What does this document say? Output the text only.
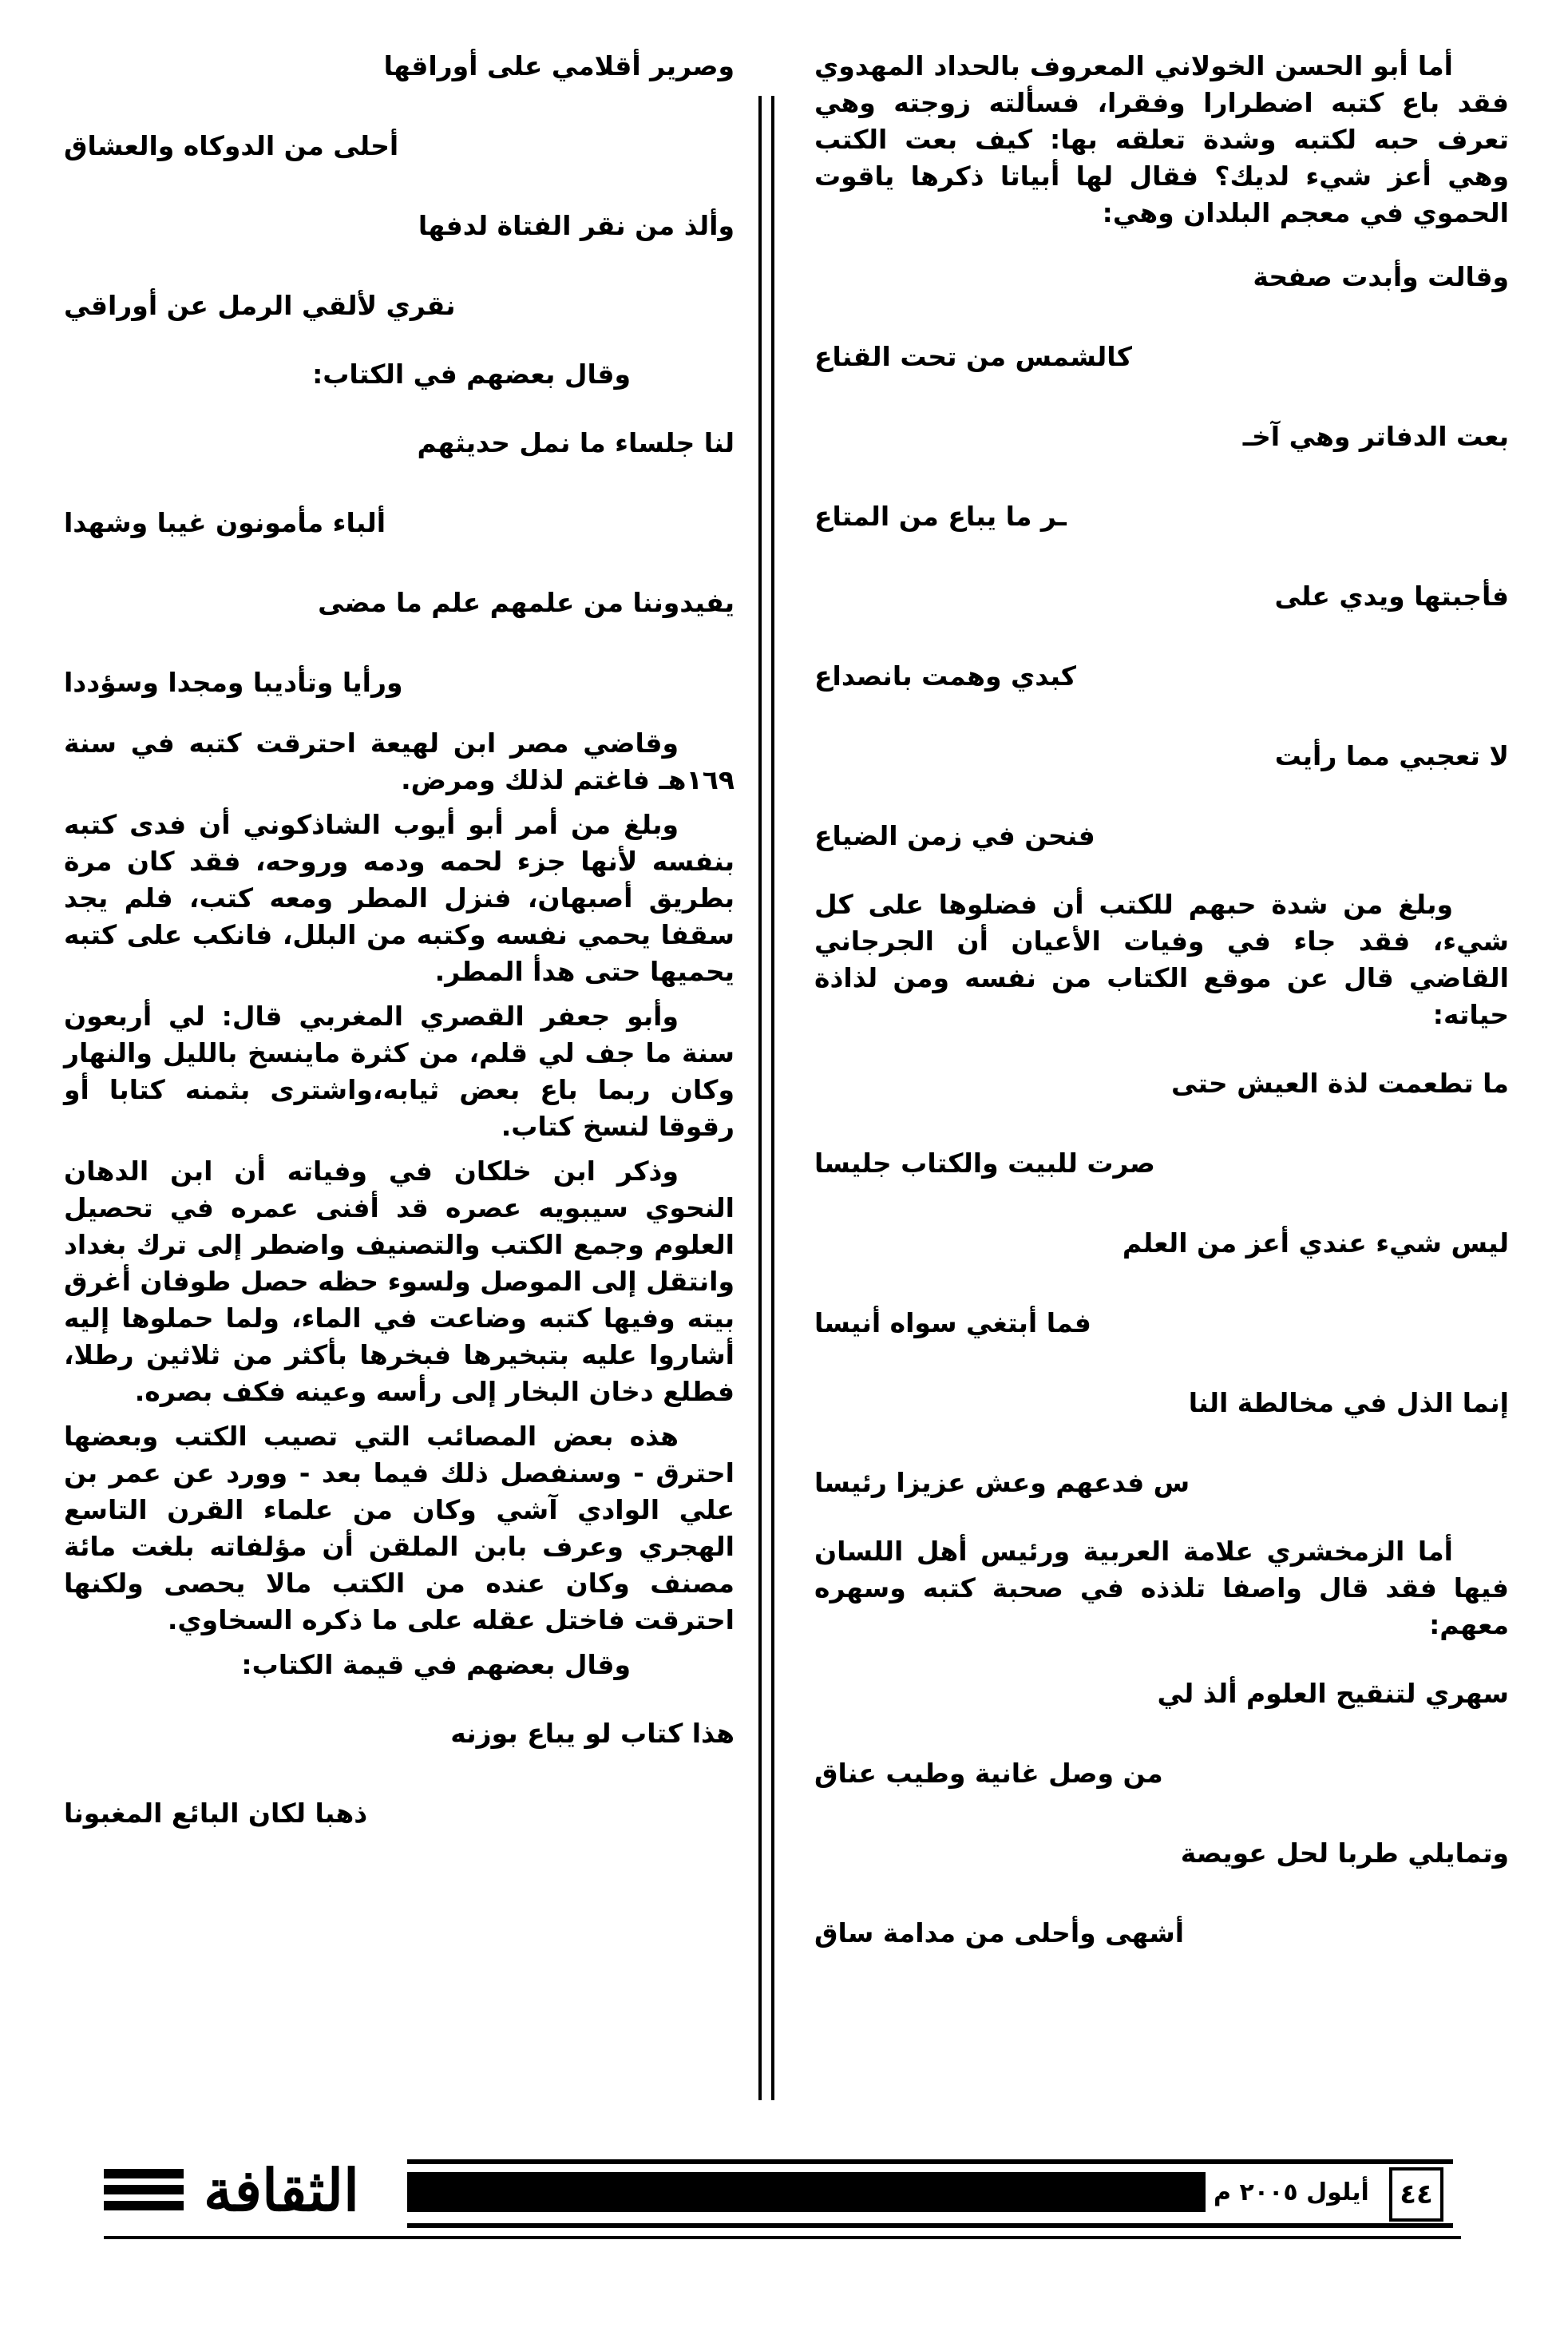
أما أبو الحسن الخولاني المعروف بالحداد المهدوي فقد باع كتبه اضطرارا وفقرا، فسألته زوجته وهي تعرف حبه لكتبه وشدة تعلقه بها: كيف بعت الكتب وهي أعز شيء لديك؟ فقال لها أبياتا ذكرها ياقوت الحموي في معجم البلدان وهي:

وقالت وأبدت صفحة

كالشمس من تحت القناع

بعت الدفاتر وهي آخـ

ـر ما يباع من المتاع

فأجبتها ويدي على

كبدي وهمت بانصداع

لا تعجبي مما رأيت

فنحن في زمن الضياع

وبلغ من شدة حبهم للكتب أن فضلوها على كل شيء، فقد جاء في وفيات الأعيان أن الجرجاني القاضي قال عن موقع الكتاب من نفسه ومن لذاذة حياته:

ما تطعمت لذة العيش حتى

صرت للبيت والكتاب جليسا

ليس شيء عندي أعز من العلم

فما أبتغي سواه أنيسا

إنما الذل في مخالطة النا

س فدعهم وعش عزيزا رئيسا

أما الزمخشري علامة العربية ورئيس أهل اللسان فيها فقد قال واصفا تلذذه في صحبة كتبه وسهره معهم:

سهري لتنقيح العلوم ألذ لي

من وصل غانية وطيب عناق

وتمايلي طربا لحل عويصة

أشهى وأحلى من مدامة ساق

وصرير أقلامي على أوراقها

أحلى من الدوكاه والعشاق

وألذ من نقر الفتاة لدفها

نقري لألقي الرمل عن أوراقي

وقال بعضهم في الكتاب:

لنا جلساء ما نمل حديثهم

ألباء مأمونون غيبا وشهدا

يفيدوننا من علمهم علم ما مضى

ورأيا وتأديبا ومجدا وسؤددا

وقاضي مصر ابن لهيعة احترقت كتبه في سنة ١٦٩هـ فاغتم لذلك ومرض.

وبلغ من أمر أبو أيوب الشاذكوني أن فدى كتبه بنفسه لأنها جزء لحمه ودمه وروحه، فقد كان مرة بطريق أصبهان، فنزل المطر ومعه كتب، فلم يجد سقفا يحمي نفسه وكتبه من البلل، فانكب على كتبه يحميها حتى هدأ المطر.

وأبو جعفر القصري المغربي قال: لي أربعون سنة ما جف لي قلم، من كثرة ماينسخ بالليل والنهار وكان ربما باع بعض ثيابه،واشترى بثمنه كتابا أو رقوقا لنسخ كتاب.

وذكر ابن خلكان في وفياته أن ابن الدهان النحوي سيبويه عصره قد أفنى عمره في تحصيل العلوم وجمع الكتب والتصنيف واضطر إلى ترك بغداد وانتقل إلى الموصل ولسوء حظه حصل طوفان أغرق بيته وفيها كتبه وضاعت في الماء، ولما حملوها إليه أشاروا عليه بتبخيرها فبخرها بأكثر من ثلاثين رطلا، فطلع دخان البخار إلى رأسه وعينه فكف بصره.

هذه بعض المصائب التي تصيب الكتب وبعضها احترق - وسنفصل ذلك فيما بعد - وورد عن عمر بن علي الوادي آشي وكان من علماء القرن التاسع الهجري وعرف بابن الملقن أن مؤلفاته بلغت مائة مصنف وكان عنده من الكتب مالا يحصى ولكنها احترقت فاختل عقله على ما ذكره السخاوي.

وقال بعضهم في قيمة الكتاب:

هذا كتاب لو يباع بوزنه

ذهبا لكان البائع المغبونا

الثقافة	أيلول ٢٠٠٥ م	٤٤
